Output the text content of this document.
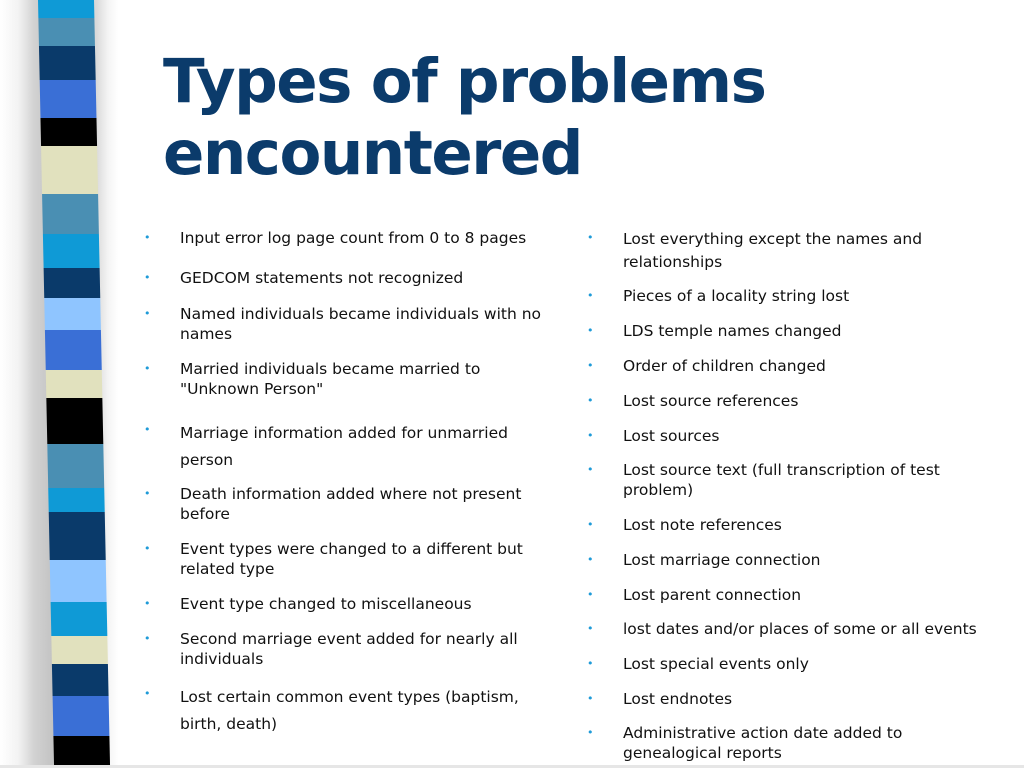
Types of problems
encountered
• Input error log page count from 0 to 8 pages
• GEDCOM statements not recognized
• Named individuals became individuals with no names
• Married individuals became married to "Unknown Person"
• Marriage information added for unmarried person
• Death information added where not present before
• Event types were changed to a different but related type
• Event type changed to miscellaneous
• Second marriage event added for nearly all individuals
• Lost certain common event types (baptism, birth, death)
• Lost everything except the names and relationships
• Pieces of a locality string lost
• LDS temple names changed
• Order of children changed
• Lost source references
• Lost sources
• Lost source text (full transcription of test problem)
• Lost note references
• Lost marriage connection
• Lost parent connection
• lost dates and/or places of some or all events
• Lost special events only
• Lost endnotes
• Administrative action date added to genealogical reports
